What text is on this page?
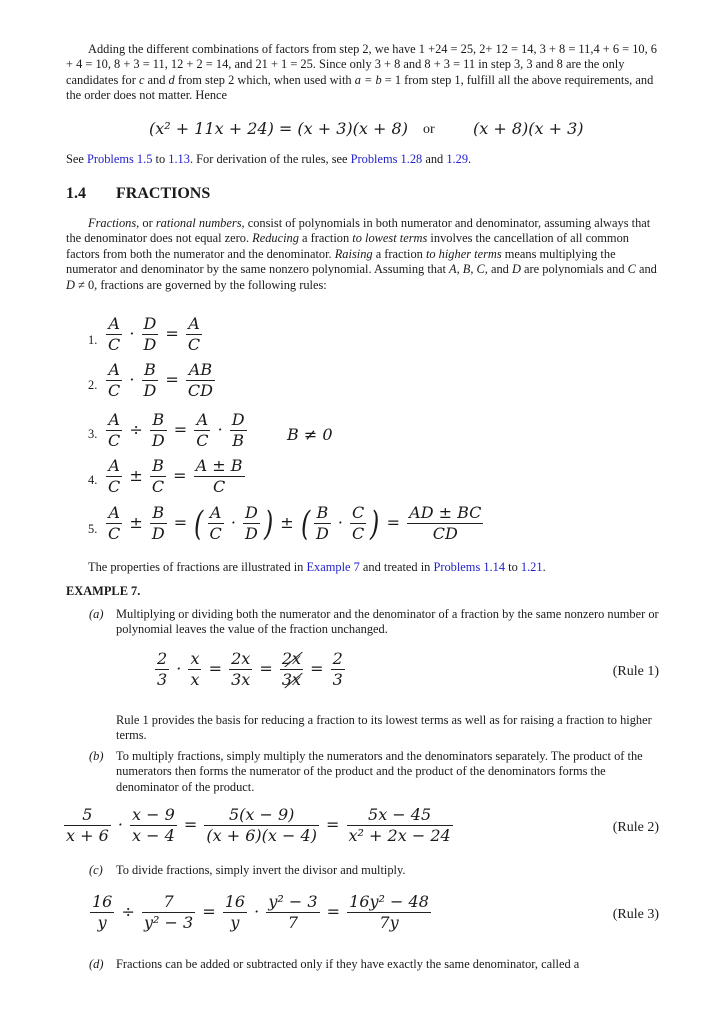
Adding the different combinations of factors from step 2, we have 1 +24 = 25, 2+ 12 = 14, 3 + 8 = 11,4 + 6 = 10, 6 + 4 = 10, 8 + 3 = 11, 12 + 2 = 14, and 21 + 1 = 25. Since only 3 + 8 and 8 + 3 = 11 in step 3, 3 and 8 are the only candidates for c and d from step 2 which, when used with a = b = 1 from step 1, fulfill all the above requirements, and the order does not matter. Hence
(x² + 11x + 24) = (x + 3)(x + 8) or (x + 8)(x + 3)
See Problems 1.5 to 1.13. For derivation of the rules, see Problems 1.28 and 1.29.
1.4 FRACTIONS
Fractions, or rational numbers, consist of polynomials in both numerator and denominator, assuming always that the denominator does not equal zero. Reducing a fraction to lowest terms involves the cancellation of all common factors from both the numerator and the denominator. Raising a fraction to higher terms means multiplying the numerator and denominator by the same nonzero polynomial. Assuming that A, B, C, and D are polynomials and C and D ≠ 0, fractions are governed by the following rules:
1. $\frac{A}{C} \cdot \frac{D}{D} = \frac{A}{C}$
2. $\frac{A}{C} \cdot \frac{B}{D} = \frac{AB}{CD}$
3. $\frac{A}{C} \div \frac{B}{D} = \frac{A}{C} \cdot \frac{D}{B}$	B ≠ 0
4. $\frac{A}{C} \pm \frac{B}{C} = \frac{A \pm B}{C}$
5. $\frac{A}{C} \pm \frac{B}{D}$ = ( $\frac{A}{C} \cdot \frac{D}{D}$ ) ± ( $\frac{B}{D} \cdot \frac{C}{C}$ ) = $\frac{AD \pm BC}{CD}$
The properties of fractions are illustrated in Example 7 and treated in Problems 1.14 to 1.21.
EXAMPLE 7.
(a) Multiplying or dividing both the numerator and the denominator of a fraction by the same nonzero number or polynomial leaves the value of the fraction unchanged.
$\frac{2}{3} \cdot \frac{x}{x} = \frac{2x}{3x} = \frac{2x}{3x} = \frac{2}{3}$	(Rule 1)
Rule 1 provides the basis for reducing a fraction to its lowest terms as well as for raising a fraction to higher terms.
(b) To multiply fractions, simply multiply the numerators and the denominators separately. The product of the numerators then forms the numerator of the product and the product of the denominators forms the denominator of the product.
$\frac{5}{x + 6} \cdot \frac{x - 9}{x - 4} = \frac{5(x - 9)}{(x + 6)(x - 4)} = \frac{5x - 45}{\text{x² + 2x − 24}}$	(Rule 2)
(c) To divide fractions, simply invert the divisor and multiply.
$\frac{16}{y} \div \frac{7}{\text{y² − 3}} = \frac{16}{y} \cdot \frac{\text{y² − 3}}{7} = \frac{\text{16y² − 48}}{7y}$	(Rule 3)
(d) Fractions can be added or subtracted only if they have exactly the same denominator, called a
